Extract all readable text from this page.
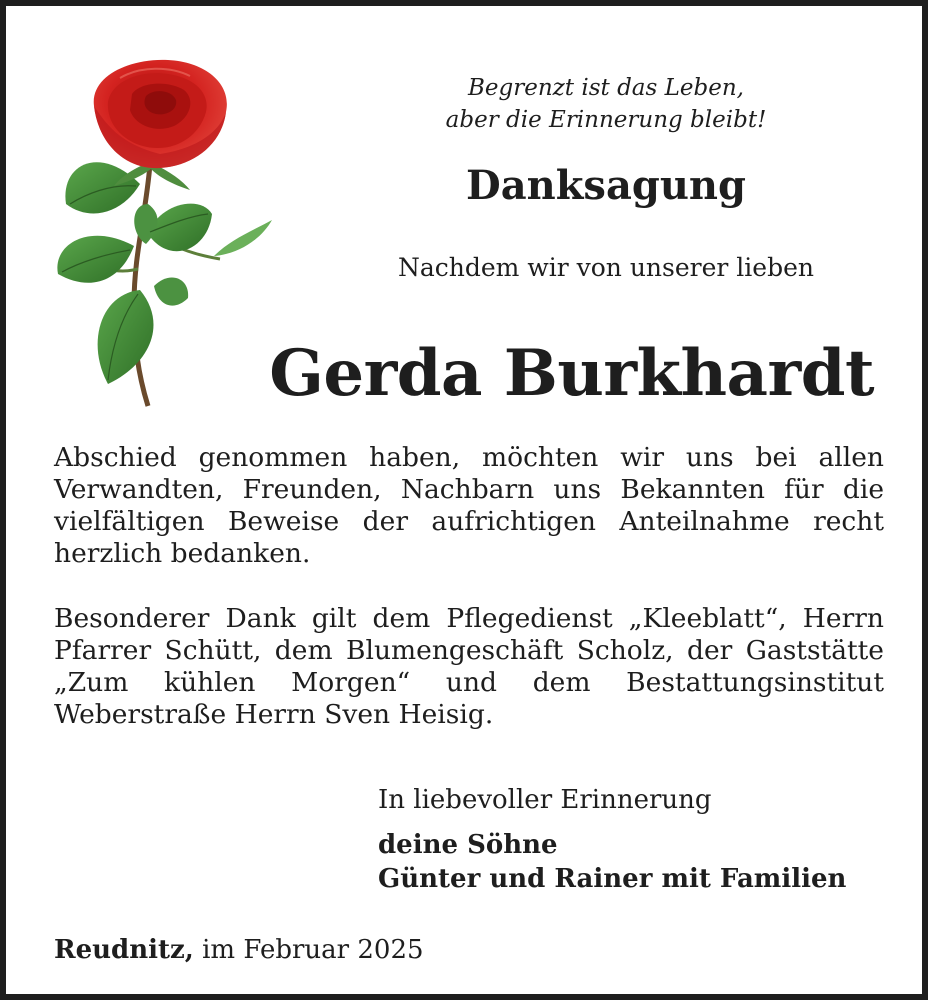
Begrenzt ist das Leben,
aber die Erinnerung bleibt!
Danksagung
Nachdem wir von unserer lieben
Gerda Burkhardt

Abschied genommen haben, möchten wir uns bei allen Verwandten, Freunden, Nachbarn uns Bekannten für die vielfältigen Beweise der aufrichtigen Anteilnahme recht herzlich bedanken.

Besonderer Dank gilt dem Pflegedienst „Kleeblatt“, Herrn Pfarrer Schütt, dem Blumengeschäft Scholz, der Gaststätte „Zum kühlen Morgen“ und dem Bestattungsinstitut Weberstraße Herrn Sven Heisig.

In liebevoller Erinnerung
deine Söhne
Günter und Rainer mit Familien
Reudnitz, im Februar 2025
